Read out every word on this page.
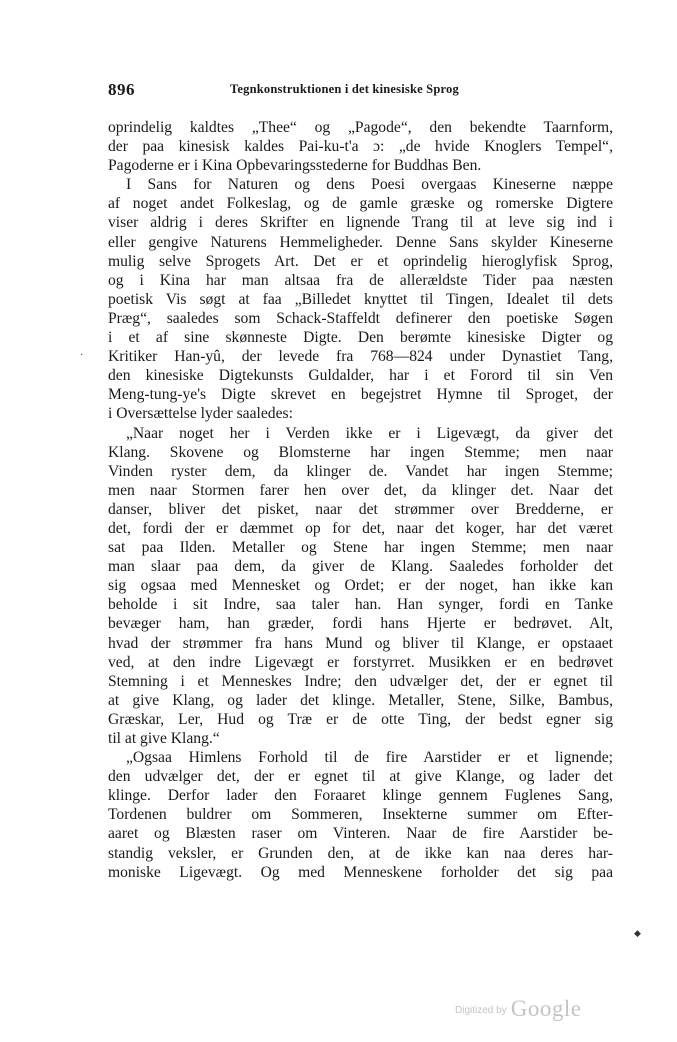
896	Tegnkonstruktionen i det kinesiske Sprog
oprindelig kaldtes „Thee“ og „Pagode“, den bekendte Taarnform,
der paa kinesisk kaldes Pai-ku-t'a ɔ: „de hvide Knoglers Tempel“,
Pagoderne er i Kina Opbevaringsstederne for Buddhas Ben.
I Sans for Naturen og dens Poesi overgaas Kineserne næppe
af noget andet Folkeslag, og de gamle græske og romerske Digtere
viser aldrig i deres Skrifter en lignende Trang til at leve sig ind i
eller gengive Naturens Hemmeligheder. Denne Sans skylder Kineserne
mulig selve Sprogets Art. Det er et oprindelig hieroglyfisk Sprog,
og i Kina har man altsaa fra de allerældste Tider paa næsten
poetisk Vis søgt at faa „Billedet knyttet til Tingen, Idealet til dets
Præg“, saaledes som Schack-Staffeldt definerer den poetiske Søgen
i et af sine skønneste Digte. Den berømte kinesiske Digter og
Kritiker Han-yû, der levede fra 768—824 under Dynastiet Tang,
den kinesiske Digtekunsts Guldalder, har i et Forord til sin Ven
Meng-tung-ye's Digte skrevet en begejstret Hymne til Sproget, der
i Oversættelse lyder saaledes:
„Naar noget her i Verden ikke er i Ligevægt, da giver det
Klang. Skovene og Blomsterne har ingen Stemme; men naar
Vinden ryster dem, da klinger de. Vandet har ingen Stemme;
men naar Stormen farer hen over det, da klinger det. Naar det
danser, bliver det pisket, naar det strømmer over Bredderne, er
det, fordi der er dæmmet op for det, naar det koger, har det været
sat paa Ilden. Metaller og Stene har ingen Stemme; men naar
man slaar paa dem, da giver de Klang. Saaledes forholder det
sig ogsaa med Mennesket og Ordet; er der noget, han ikke kan
beholde i sit Indre, saa taler han. Han synger, fordi en Tanke
bevæger ham, han græder, fordi hans Hjerte er bedrøvet. Alt,
hvad der strømmer fra hans Mund og bliver til Klange, er opstaaet
ved, at den indre Ligevægt er forstyrret. Musikken er en bedrøvet
Stemning i et Menneskes Indre; den udvælger det, der er egnet til
at give Klang, og lader det klinge. Metaller, Stene, Silke, Bambus,
Græskar, Ler, Hud og Træ er de otte Ting, der bedst egner sig
til at give Klang.“
„Ogsaa Himlens Forhold til de fire Aarstider er et lignende;
den udvælger det, der er egnet til at give Klange, og lader det
klinge. Derfor lader den Foraaret klinge gennem Fuglenes Sang,
Tordenen buldrer om Sommeren, Insekterne summer om Efter-
aaret og Blæsten raser om Vinteren. Naar de fire Aarstider be-
standig veksler, er Grunden den, at de ikke kan naa deres har-
moniske Ligevægt. Og med Menneskene forholder det sig paa
·
◆
Digitized by Google
